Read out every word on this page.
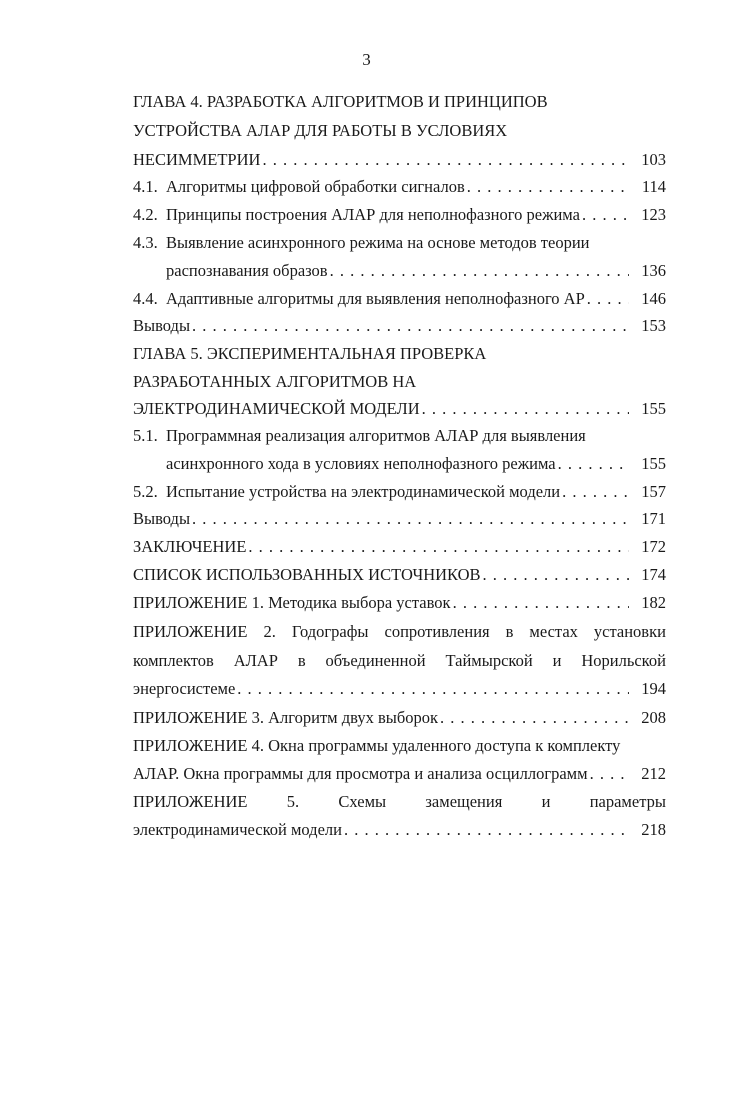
3
ГЛАВА 4. РАЗРАБОТКА АЛГОРИТМОВ И ПРИНЦИПОВ
УСТРОЙСТВА АЛАР ДЛЯ РАБОТЫ В УСЛОВИЯХ
НЕСИММЕТРИИ . . .	103
4.1. Алгоритмы цифровой обработки сигналов . . .	114
4.2. Принципы построения АЛАР для неполнофазного режима . . .	123
4.3. Выявление асинхронного режима на основе методов теории
распознавания образов . . .	136
4.4. Адаптивные алгоритмы для выявления неполнофазного АР . . .	146
Выводы . . .	153
ГЛАВА 5. ЭКСПЕРИМЕНТАЛЬНАЯ ПРОВЕРКА
РАЗРАБОТАННЫХ АЛГОРИТМОВ НА
ЭЛЕКТРОДИНАМИЧЕСКОЙ МОДЕЛИ . . .	155
5.1. Программная реализация алгоритмов АЛАР для выявления
асинхронного хода в условиях неполнофазного режима . . .	155
5.2. Испытание устройства на электродинамической модели . . .	157
Выводы . . .	171
ЗАКЛЮЧЕНИЕ . . .	172
СПИСОК ИСПОЛЬЗОВАННЫХ ИСТОЧНИКОВ . . .	174
ПРИЛОЖЕНИЕ 1. Методика выбора уставок . . .	182
ПРИЛОЖЕНИЕ 2. Годографы сопротивления в местах установки
комплектов АЛАР в объединенной Таймырской и Норильской
энергосистеме . . .	194
ПРИЛОЖЕНИЕ 3. Алгоритм двух выборок . . .	208
ПРИЛОЖЕНИЕ 4. Окна программы удаленного доступа к комплекту
АЛАР. Окна программы для просмотра и анализа осциллограмм . . .	212
ПРИЛОЖЕНИЕ 5. Схемы замещения и параметры
электродинамической модели . . .	218
